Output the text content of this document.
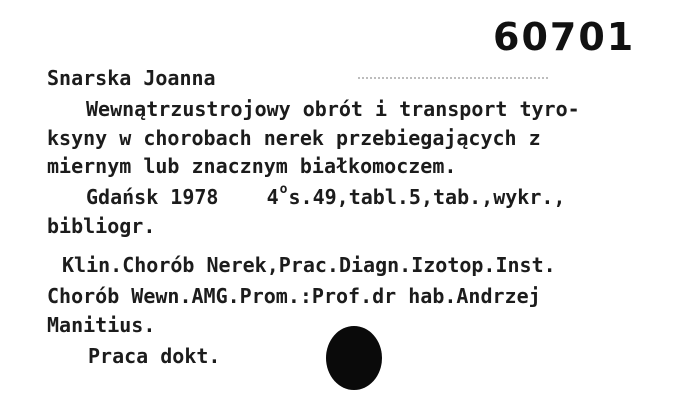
60701
Snarska Joanna
Wewnątrzustrojowy obrót i transport tyro-
ksyny w chorobach nerek przebiegających z
miernym lub znacznym białkomoczem.
Gdańsk 1978 4$^o$s.49,tabl.5,tab.,wykr.,
bibliogr.
Klin.Chorób Nerek,Prac.Diagn.Izotop.Inst.
Chorób Wewn.AMG.Prom.:Prof.dr hab.Andrzej
Manitius.
Praca dokt.
